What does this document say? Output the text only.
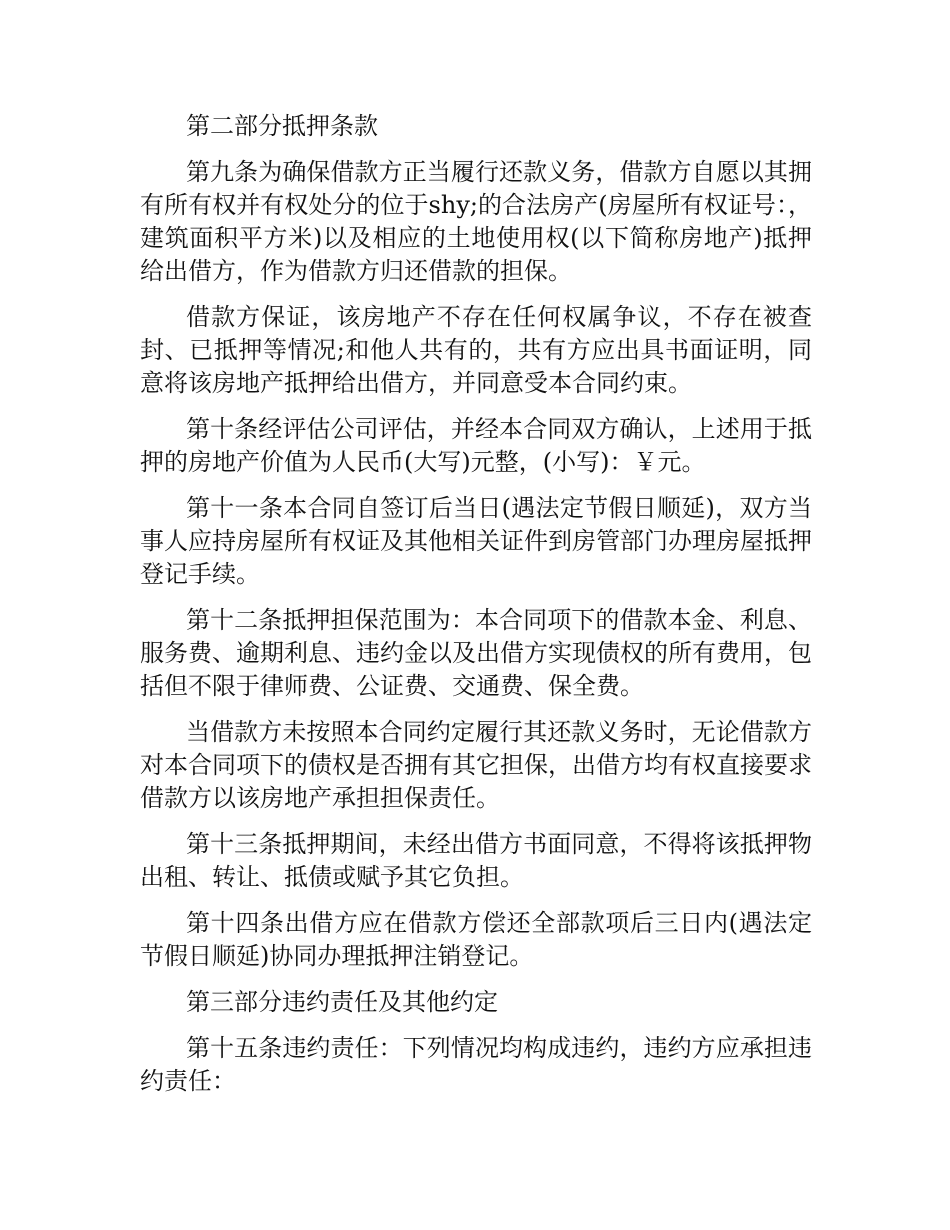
第二部分抵押条款

第九条为确保借款方正当履行还款义务，借款方自愿以其拥有所有权并有权处分的位于shy;的合法房产(房屋所有权证号：，建筑面积平方米)以及相应的土地使用权(以下简称房地产)抵押给出借方，作为借款方归还借款的担保。

借款方保证，该房地产不存在任何权属争议，不存在被查封、已抵押等情况;和他人共有的，共有方应出具书面证明，同意将该房地产抵押给出借方，并同意受本合同约束。

第十条经评估公司评估，并经本合同双方确认，上述用于抵押的房地产价值为人民币(大写)元整，(小写)：￥元。

第十一条本合同自签订后当日(遇法定节假日顺延)，双方当事人应持房屋所有权证及其他相关证件到房管部门办理房屋抵押登记手续。

第十二条抵押担保范围为：本合同项下的借款本金、利息、服务费、逾期利息、违约金以及出借方实现债权的所有费用，包括但不限于律师费、公证费、交通费、保全费。

当借款方未按照本合同约定履行其还款义务时，无论借款方对本合同项下的债权是否拥有其它担保，出借方均有权直接要求借款方以该房地产承担担保责任。

第十三条抵押期间，未经出借方书面同意，不得将该抵押物出租、转让、抵债或赋予其它负担。

第十四条出借方应在借款方偿还全部款项后三日内(遇法定节假日顺延)协同办理抵押注销登记。

第三部分违约责任及其他约定

第十五条违约责任：下列情况均构成违约，违约方应承担违约责任：
